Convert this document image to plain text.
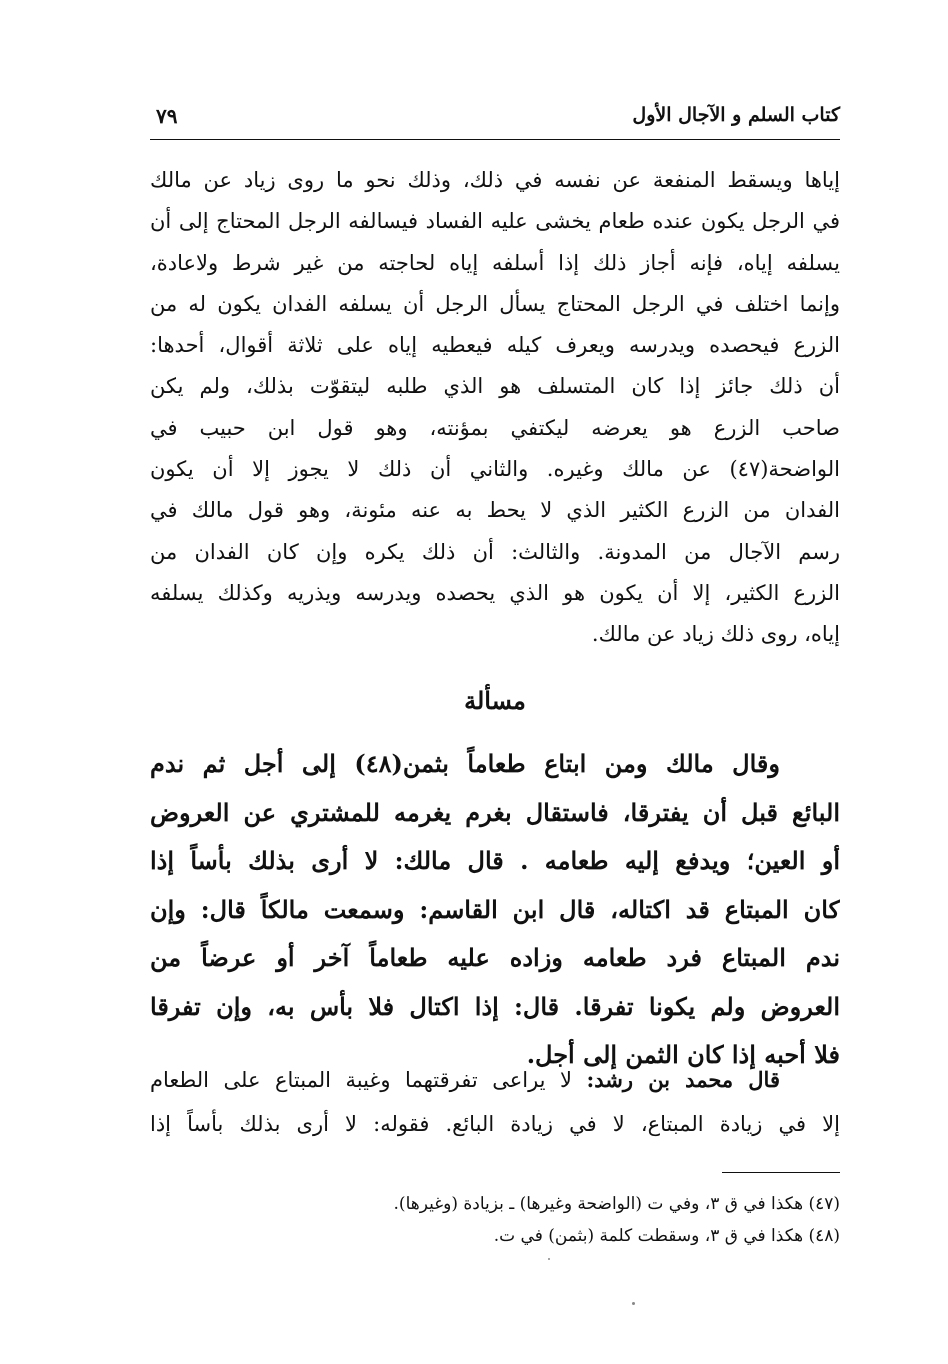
كتاب السلم و الآجال الأول
٧٩
إياها ويسقط المنفعة عن نفسه في ذلك، وذلك نحو ما روى زياد عن مالك
في الرجل يكون عنده طعام يخشى عليه الفساد فيسالفه الرجل المحتاج إلى أن
يسلفه إياه، فإنه أجاز ذلك إذا أسلفه إياه لحاجته من غير شرط ولاعادة،
وإنما اختلف في الرجل المحتاج يسأل الرجل أن يسلفه الفدان يكون له من
الزرع فيحصده ويدرسه ويعرف كيله فيعطيه إياه على ثلاثة أقوال، أحدها:
أن ذلك جائز إذا كان المتسلف هو الذي طلبه ليتقوّت بذلك، ولم يكن
صاحب الزرع هو يعرضه ليكتفي بمؤنته، وهو قول ابن حبيب في
الواضحة(٤٧) عن مالك وغيره. والثاني أن ذلك لا يجوز إلا أن يكون
الفدان من الزرع الكثير الذي لا يحط به عنه مئونة، وهو قول مالك في
رسم الآجال من المدونة. والثالث: أن ذلك يكره وإن كان الفدان من
الزرع الكثير، إلا أن يكون هو الذي يحصده ويدرسه ويذريه وكذلك يسلفه
إياه، روى ذلك زياد عن مالك.
مسألة
وقال مالك ومن ابتاع طعاماً بثمن(٤٨) إلى أجل ثم ندم
البائع قبل أن يفترقا، فاستقال بغرم يغرمه للمشتري عن العروض
أو العين؛ ويدفع إليه طعامه . قال مالك: لا أرى بذلك بأساً إذا
كان المبتاع قد اكتاله، قال ابن القاسم: وسمعت مالكاً قال: وإن
ندم المبتاع فرد طعامه وزاده عليه طعاماً آخر أو عرضاً من
العروض ولم يكونا تفرقا. قال: إذا اكتال فلا بأس به، وإن تفرقا
فلا أحبه إذا كان الثمن إلى أجل.
قال محمد بن رشد: لا يراعى تفرقتهما وغيبة المبتاع على الطعام
إلا في زيادة المبتاع، لا في زيادة البائع. فقوله: لا أرى بذلك بأساً إذا
(٤٧) هكذا في ق ٣، وفي ت (الواضحة وغيرها) ـ بزيادة (وغيرها).
(٤٨) هكذا في ق ٣، وسقطت كلمة (بثمن) في ت.
